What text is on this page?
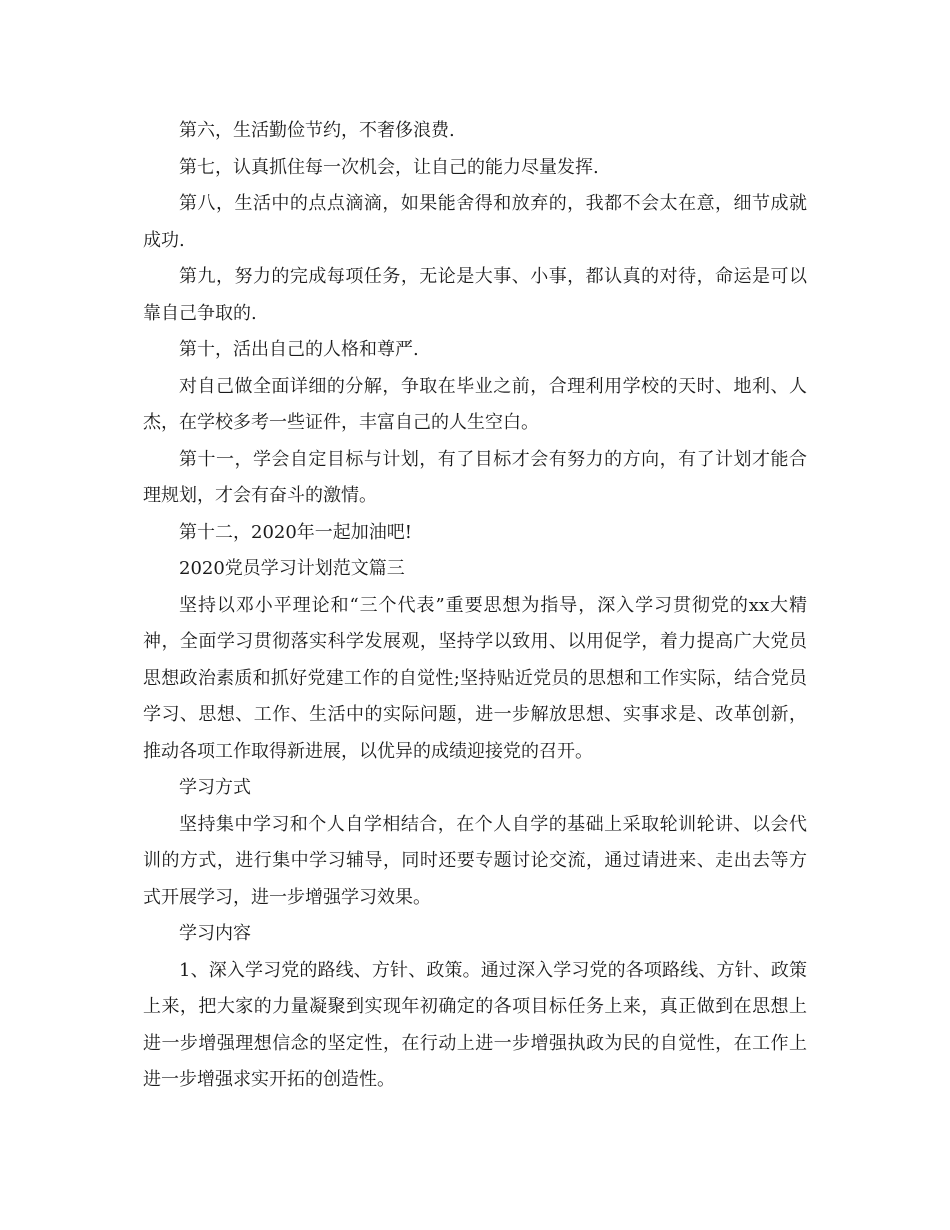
第六，生活勤俭节约，不奢侈浪费.

第七，认真抓住每一次机会，让自己的能力尽量发挥.

第八，生活中的点点滴滴，如果能舍得和放弃的，我都不会太在意，细节成就成功.

第九，努力的完成每项任务，无论是大事、小事，都认真的对待，命运是可以靠自己争取的.

第十，活出自己的人格和尊严.

对自己做全面详细的分解，争取在毕业之前，合理利用学校的天时、地利、人杰，在学校多考一些证件，丰富自己的人生空白。

第十一，学会自定目标与计划，有了目标才会有努力的方向，有了计划才能合理规划，才会有奋斗的激情。

第十二，2020年一起加油吧!

2020党员学习计划范文篇三

坚持以邓小平理论和“三个代表”重要思想为指导，深入学习贯彻党的xx大精神，全面学习贯彻落实科学发展观，坚持学以致用、以用促学，着力提高广大党员思想政治素质和抓好党建工作的自觉性;坚持贴近党员的思想和工作实际，结合党员学习、思想、工作、生活中的实际问题，进一步解放思想、实事求是、改革创新，推动各项工作取得新进展，以优异的成绩迎接党的召开。

学习方式

坚持集中学习和个人自学相结合，在个人自学的基础上采取轮训轮讲、以会代训的方式，进行集中学习辅导，同时还要专题讨论交流，通过请进来、走出去等方式开展学习，进一步增强学习效果。

学习内容

1、深入学习党的路线、方针、政策。通过深入学习党的各项路线、方针、政策上来，把大家的力量凝聚到实现年初确定的各项目标任务上来，真正做到在思想上进一步增强理想信念的坚定性，在行动上进一步增强执政为民的自觉性，在工作上进一步增强求实开拓的创造性。
